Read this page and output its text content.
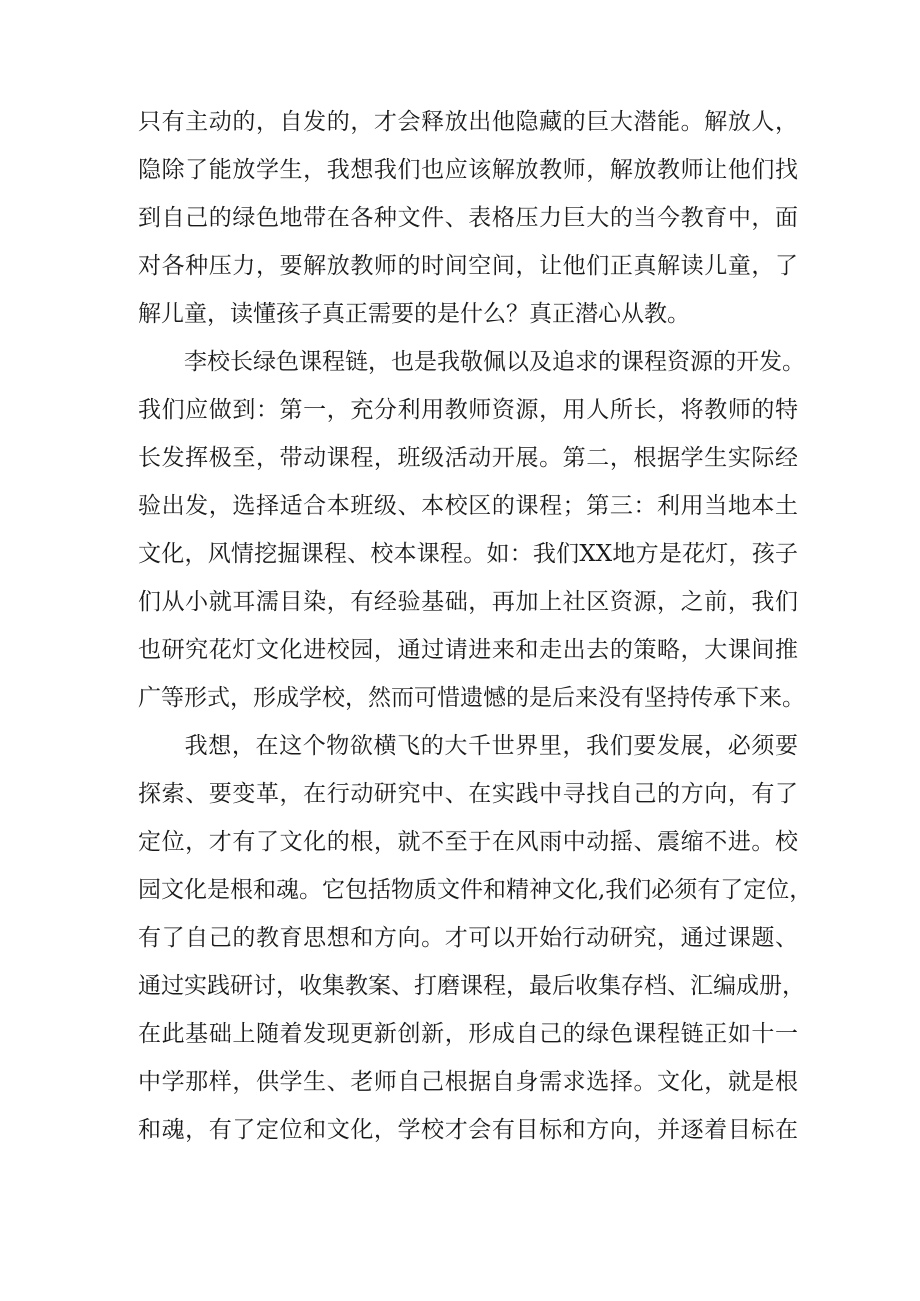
只有主动的，自发的，才会释放出他隐藏的巨大潜能。解放人，
隐除了能放学生，我想我们也应该解放教师，解放教师让他们找
到自己的绿色地带在各种文件、表格压力巨大的当今教育中，面
对各种压力，要解放教师的时间空间，让他们正真解读儿童，了
解儿童，读懂孩子真正需要的是什么？真正潜心从教。

李校长绿色课程链，也是我敬佩以及追求的课程资源的开发。
我们应做到：第一，充分利用教师资源，用人所长，将教师的特
长发挥极至，带动课程，班级活动开展。第二，根据学生实际经
验出发，选择适合本班级、本校区的课程；第三：利用当地本土
文化，风情挖掘课程、校本课程。如：我们XX地方是花灯，孩子
们从小就耳濡目染，有经验基础，再加上社区资源，之前，我们
也研究花灯文化进校园，通过请进来和走出去的策略，大课间推
广等形式，形成学校，然而可惜遗憾的是后来没有坚持传承下来。

我想，在这个物欲横飞的大千世界里，我们要发展，必须要
探索、要变革，在行动研究中、在实践中寻找自己的方向，有了
定位，才有了文化的根，就不至于在风雨中动摇、震缩不进。校
园文化是根和魂。它包括物质文件和精神文化,我们必须有了定位，
有了自己的教育思想和方向。才可以开始行动研究，通过课题、
通过实践研讨，收集教案、打磨课程，最后收集存档、汇编成册，
在此基础上随着发现更新创新，形成自己的绿色课程链正如十一
中学那样，供学生、老师自己根据自身需求选择。文化，就是根
和魂，有了定位和文化，学校才会有目标和方向，并逐着目标在
